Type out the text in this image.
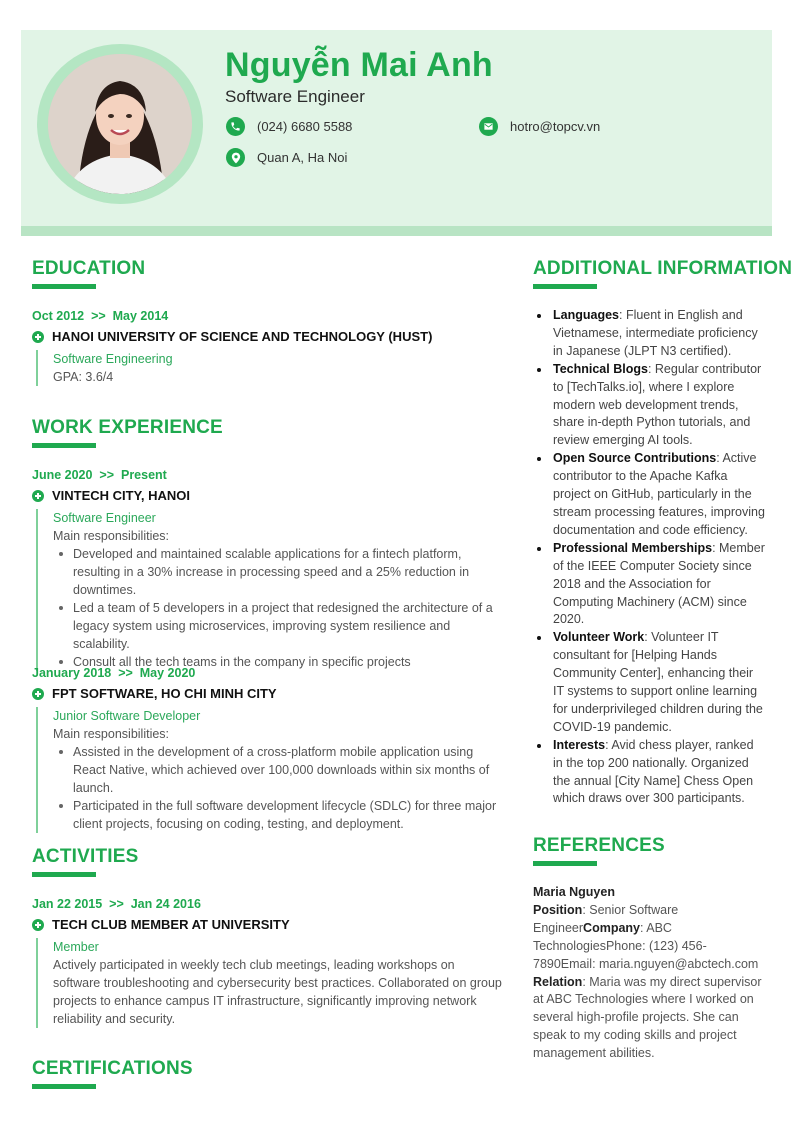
Nguyễn Mai Anh
Software Engineer
(024) 6680 5588	hotro@topcv.vn
Quan A, Ha Noi
EDUCATION
Oct 2012 >> May 2014
HANOI UNIVERSITY OF SCIENCE AND TECHNOLOGY (HUST)
Software Engineering
GPA: 3.6/4
WORK EXPERIENCE
June 2020 >> Present
VINTECH CITY, HANOI
Software Engineer
Main responsibilities:
Developed and maintained scalable applications for a fintech platform, resulting in a 30% increase in processing speed and a 25% reduction in downtimes.
Led a team of 5 developers in a project that redesigned the architecture of a legacy system using microservices, improving system resilience and scalability.
Consult all the tech teams in the company in specific projects
January 2018 >> May 2020
FPT SOFTWARE, HO CHI MINH CITY
Junior Software Developer
Main responsibilities:
Assisted in the development of a cross-platform mobile application using React Native, which achieved over 100,000 downloads within six months of launch.
Participated in the full software development lifecycle (SDLC) for three major client projects, focusing on coding, testing, and deployment.
ACTIVITIES
Jan 22 2015 >> Jan 24 2016
TECH CLUB MEMBER AT UNIVERSITY
Member
Actively participated in weekly tech club meetings, leading workshops on software troubleshooting and cybersecurity best practices. Collaborated on group projects to enhance campus IT infrastructure, significantly improving network reliability and security.
CERTIFICATIONS
ADDITIONAL INFORMATION
Languages: Fluent in English and Vietnamese, intermediate proficiency in Japanese (JLPT N3 certified).
Technical Blogs: Regular contributor to [TechTalks.io], where I explore modern web development trends, share in-depth Python tutorials, and review emerging AI tools.
Open Source Contributions: Active contributor to the Apache Kafka project on GitHub, particularly in the stream processing features, improving documentation and code efficiency.
Professional Memberships: Member of the IEEE Computer Society since 2018 and the Association for Computing Machinery (ACM) since 2020.
Volunteer Work: Volunteer IT consultant for [Helping Hands Community Center], enhancing their IT systems to support online learning for underprivileged children during the COVID-19 pandemic.
Interests: Avid chess player, ranked in the top 200 nationally. Organized the annual [City Name] Chess Open which draws over 300 participants.
REFERENCES
Maria Nguyen
Position: Senior Software EngineerCompany: ABC TechnologiesPhone: (123) 456-7890Email: maria.nguyen@abctech.com
Relation: Maria was my direct supervisor at ABC Technologies where I worked on several high-profile projects. She can speak to my coding skills and project management abilities.
